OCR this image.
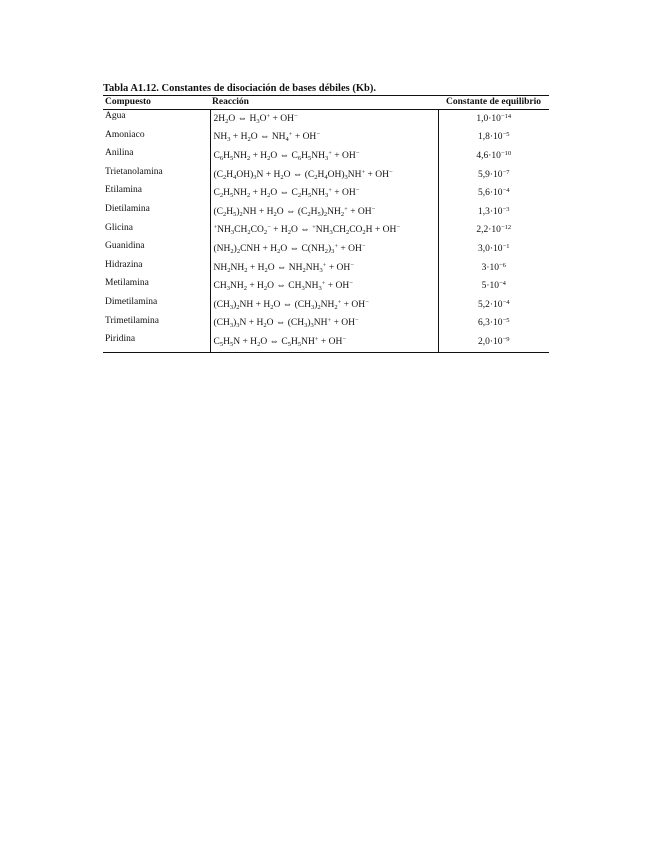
Tabla A1.12. Constantes de disociación de bases débiles (Kb).
Compuesto	Reacción	Constante de equilibrio
Agua	$2H_2O$ ⇔ $H_3O^+ + OH^-$	$1,0\cdot 10^{-14}$
Amoniaco	$NH_3 + H_2O$ ⇔ $NH_4^+ + OH^-$	$1,8\cdot 10^{-5}$
Anilina	$C_6H_5NH_2 + H_2O$ ⇔ $C_6H_5NH_3^+ + OH^-$	$4,6\cdot 10^{-10}$
Trietanolamina	$(C_2H_4OH)_3N + H_2O$ ⇔ $(C_2H_4OH)_3NH^+ + OH^-$	$5,9\cdot 10^{-7}$
Etilamina	$C_2H_5NH_2 + H_2O$ ⇔ $C_2H_5NH_3^+ + OH^-$	$5,6\cdot 10^{-4}$
Dietilamina	$(C_2H_5)_2NH + H_2O$ ⇔ $(C_2H_5)_2NH_2^+ + OH^-$	$1,3\cdot 10^{-3}$
Glicina	$^+NH_3CH_2CO_2^- + H_2O$ ⇔ $^+NH_3CH_2CO_2H + OH^-$	$2,2\cdot 10^{-12}$
Guanidina	$(NH_2)_2CNH + H_2O$ ⇔ $C(NH_2)_3^+ + OH^-$	$3,0\cdot 10^{-1}$
Hidrazina	$NH_2NH_2 + H_2O$ ⇔ $NH_2NH_3^+ + OH^-$	$3\cdot 10^{-6}$
Metilamina	$CH_3NH_2 + H_2O$ ⇔ $CH_3NH_3^+ + OH^-$	$5\cdot 10^{-4}$
Dimetilamina	$(CH_3)_2NH + H_2O$ ⇔ $(CH_3)_2NH_2^+ + OH^-$	$5,2\cdot 10^{-4}$
Trimetilamina	$(CH_3)_3N + H_2O$ ⇔ $(CH_3)_3NH^+ + OH^-$	$6,3\cdot 10^{-5}$
Piridina	$C_5H_5N + H_2O$ ⇔ $C_5H_5NH^+ + OH^-$	$2,0\cdot 10^{-9}$
